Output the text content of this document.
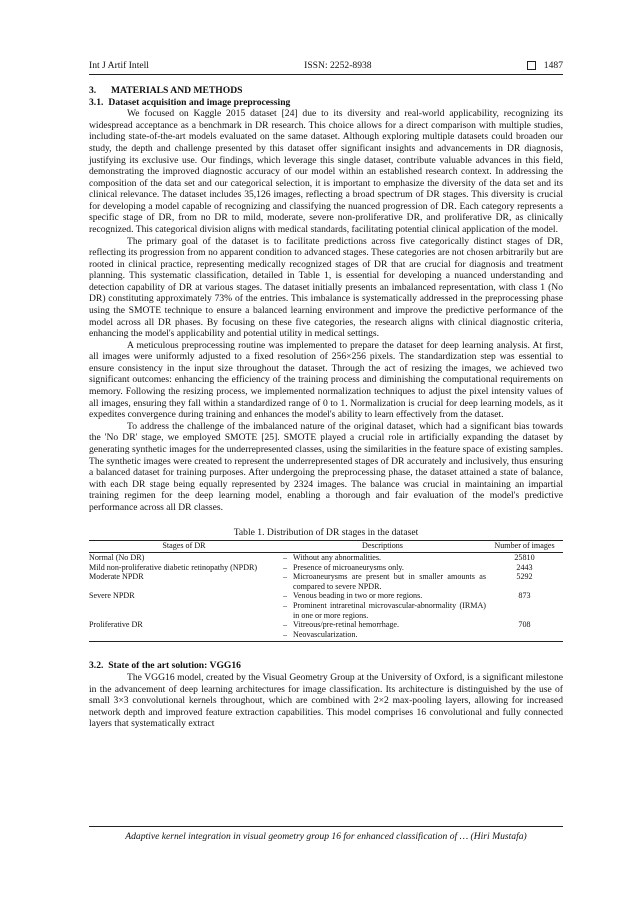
Int J Artif Intell	ISSN: 2252-8938	1487
3. MATERIALS AND METHODS
3.1. Dataset acquisition and image preprocessing

We focused on Kaggle 2015 dataset [24] due to its diversity and real-world applicability, recognizing its widespread acceptance as a benchmark in DR research. This choice allows for a direct comparison with multiple studies, including state-of-the-art models evaluated on the same dataset. Although exploring multiple datasets could broaden our study, the depth and challenge presented by this dataset offer significant insights and advancements in DR diagnosis, justifying its exclusive use. Our findings, which leverage this single dataset, contribute valuable advances in this field, demonstrating the improved diagnostic accuracy of our model within an established research context. In addressing the composition of the data set and our categorical selection, it is important to emphasize the diversity of the data set and its clinical relevance. The dataset includes 35,126 images, reflecting a broad spectrum of DR stages. This diversity is crucial for developing a model capable of recognizing and classifying the nuanced progression of DR. Each category represents a specific stage of DR, from no DR to mild, moderate, severe non-proliferative DR, and proliferative DR, as clinically recognized. This categorical division aligns with medical standards, facilitating potential clinical application of the model.

The primary goal of the dataset is to facilitate predictions across five categorically distinct stages of DR, reflecting its progression from no apparent condition to advanced stages. These categories are not chosen arbitrarily but are rooted in clinical practice, representing medically recognized stages of DR that are crucial for diagnosis and treatment planning. This systematic classification, detailed in Table 1, is essential for developing a nuanced understanding and detection capability of DR at various stages. The dataset initially presents an imbalanced representation, with class 1 (No DR) constituting approximately 73% of the entries. This imbalance is systematically addressed in the preprocessing phase using the SMOTE technique to ensure a balanced learning environment and improve the predictive performance of the model across all DR phases. By focusing on these five categories, the research aligns with clinical diagnostic criteria, enhancing the model's applicability and potential utility in medical settings.

A meticulous preprocessing routine was implemented to prepare the dataset for deep learning analysis. At first, all images were uniformly adjusted to a fixed resolution of 256×256 pixels. The standardization step was essential to ensure consistency in the input size throughout the dataset. Through the act of resizing the images, we achieved two significant outcomes: enhancing the efficiency of the training process and diminishing the computational requirements on memory. Following the resizing process, we implemented normalization techniques to adjust the pixel intensity values of all images, ensuring they fall within a standardized range of 0 to 1. Normalization is crucial for deep learning models, as it expedites convergence during training and enhances the model's ability to learn effectively from the dataset.

To address the challenge of the imbalanced nature of the original dataset, which had a significant bias towards the 'No DR' stage, we employed SMOTE [25]. SMOTE played a crucial role in artificially expanding the dataset by generating synthetic images for the underrepresented classes, using the similarities in the feature space of existing samples. The synthetic images were created to represent the underrepresented stages of DR accurately and inclusively, thus ensuring a balanced dataset for training purposes. After undergoing the preprocessing phase, the dataset attained a state of balance, with each DR stage being equally represented by 2324 images. The balance was crucial in maintaining an impartial training regimen for the deep learning model, enabling a thorough and fair evaluation of the model's predictive performance across all DR classes.

Table 1. Distribution of DR stages in the dataset
Stages of DR	Descriptions	Number of images
Normal (No DR)	– Without any abnormalities.	25810
Mild non-proliferative diabetic retinopathy (NPDR)	– Presence of microaneurysms only.	2443
Moderate NPDR	– Microaneurysms are present but in smaller amounts as compared to severe NPDR.	5292
Severe NPDR	– Venous beading in two or more regions.
– Prominent intraretinal microvascular-abnormality (IRMA) in one or more regions.	873
Proliferative DR	– Vitreous/pre-retinal hemorrhage.
– Neovascularization.	708
3.2. State of the art solution: VGG16

The VGG16 model, created by the Visual Geometry Group at the University of Oxford, is a significant milestone in the advancement of deep learning architectures for image classification. Its architecture is distinguished by the use of small 3×3 convolutional kernels throughout, which are combined with 2×2 max-pooling layers, allowing for increased network depth and improved feature extraction capabilities. This model comprises 16 convolutional and fully connected layers that systematically extract

Adaptive kernel integration in visual geometry group 16 for enhanced classification of … (Hiri Mustafa)
